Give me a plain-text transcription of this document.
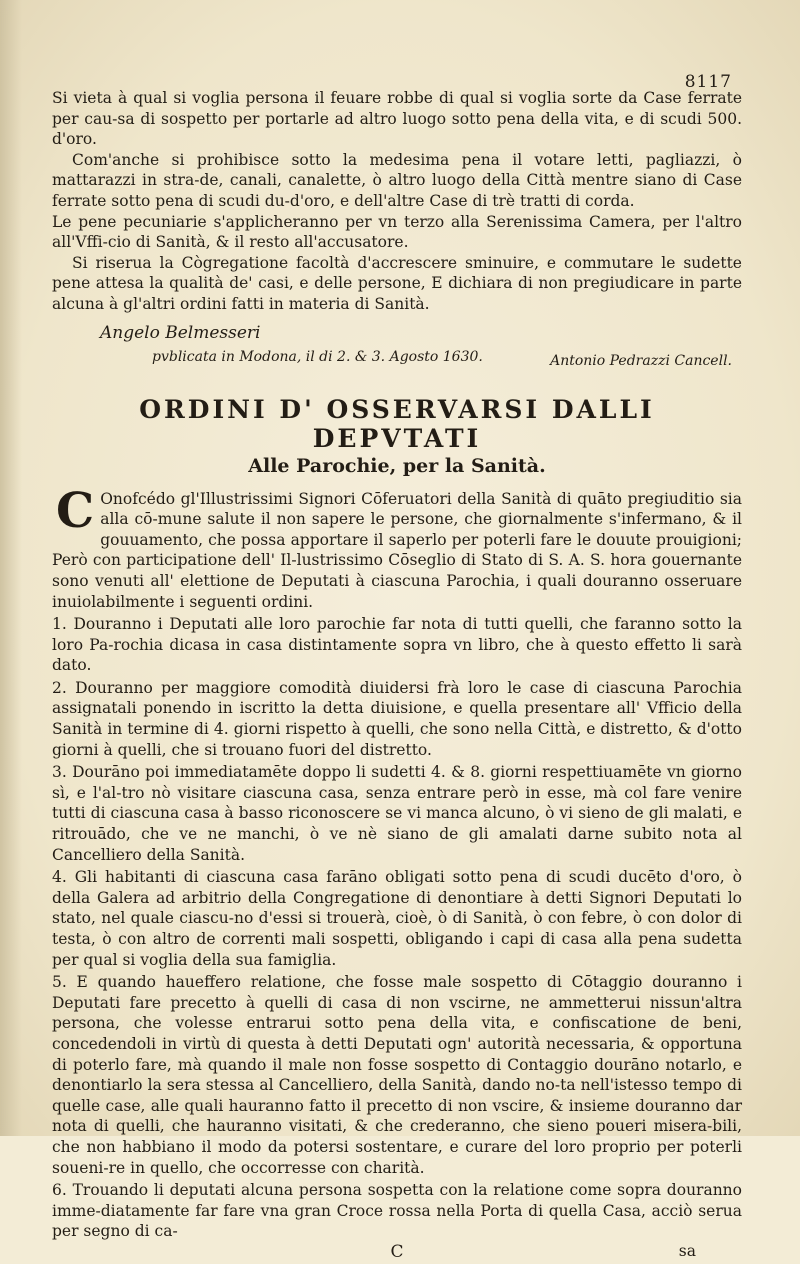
8117

Si vieta à qual si voglia persona il feuare robbe di qual si voglia sorte da Case ferrate per cau-sa di sospetto per portarle ad altro luogo sotto pena della vita, e di scudi 500. d'oro.

Com'anche si prohibisce sotto la medesima pena il votare letti, pagliazzi, ò mattarazzi in stra-de, canali, canalette, ò altro luogo della Città mentre siano di Case ferrate sotto pena di scudi du-d'oro, e dell'altre Case di trè tratti di corda.

Le pene pecuniarie s'applicheranno per vn terzo alla Serenissima Camera, per l'altro all'Vffi-cio di Sanità, & il resto all'accusatore.

Si riserua la Cògregatione facoltà d'accrescere sminuire, e commutare le sudette pene attesa la qualità de' casi, e delle persone, E dichiara di non pregiudicare in parte alcuna à gl'altri ordini fatti in materia di Sanità.

Angelo Belmesseri
pvblicata in Modona, il di 2. & 3. Agosto 1630.	Antonio Pedrazzi Cancell.
ORDINI D' OSSERVARSI DALLI DEPVTATI
Alle Parochie, per la Sanità.
C Onofcédo gl'Illustrissimi Signori Cōferuatori della Sanità di quāto pregiuditio sia alla cō-mune salute il non sapere le persone, che giornalmente s'infermano, & il gouuamento, che possa apportare il saperlo per poterli fare le douute prouigioni; Però con participatione dell' Il-lustrissimo Cōseglio di Stato di S. A. S. hora gouernante sono venuti all' elettione de Deputati à ciascuna Parochia, i quali douranno osseruare inuiolabilmente i seguenti ordini.

1. Douranno i Deputati alle loro parochie far nota di tutti quelli, che faranno sotto la loro Pa-rochia dicasa in casa distintamente sopra vn libro, che à questo effetto li sarà dato.

2. Douranno per maggiore comodità diuidersi frà loro le case di ciascuna Parochia assignatali ponendo in iscritto la detta diuisione, e quella presentare all' Vfficio della Sanità in termine di 4. giorni rispetto à quelli, che sono nella Città, e distretto, & d'otto giorni à quelli, che si trouano fuori del distretto.

3. Dourāno poi immediatamēte doppo li sudetti 4. & 8. giorni respettiuamēte vn giorno sì, e l'al-tro nò visitare ciascuna casa, senza entrare però in esse, mà col fare venire tutti di ciascuna casa à basso riconoscere se vi manca alcuno, ò vi sieno de gli malati, e ritrouādo, che ve ne manchi, ò ve nè siano de gli amalati darne subito nota al Cancelliero della Sanità.

4. Gli habitanti di ciascuna casa farāno obligati sotto pena di scudi ducēto d'oro, ò della Galera ad arbitrio della Congregatione di denontiare à detti Signori Deputati lo stato, nel quale ciascu-no d'essi si trouerà, cioè, ò di Sanità, ò con febre, ò con dolor di testa, ò con altro de correnti mali sospetti, obligando i capi di casa alla pena sudetta per qual si voglia della sua famiglia.

5. E quando haueffero relatione, che fosse male sospetto di Cōtaggio douranno i Deputati fare precetto à quelli di casa di non vscirne, ne ammetterui nissun'altra persona, che volesse entrarui sotto pena della vita, e confiscatione de beni, concedendoli in virtù di questa à detti Deputati ogn' autorità necessaria, & opportuna di poterlo fare, mà quando il male non fosse sospetto di Contaggio dourāno notarlo, e denontiarlo la sera stessa al Cancelliero, della Sanità, dando no-ta nell'istesso tempo di quelle case, alle quali hauranno fatto il precetto di non vscire, & insieme douranno dar nota di quelli, che hauranno visitati, & che crederanno, che sieno poueri misera-bili, che non habbiano il modo da potersi sostentare, e curare del loro proprio per poterli soueni-re in quello, che occorresse con charità.

6. Trouando li deputati alcuna persona sospetta con la relatione come sopra douranno imme-diatamente far fare vna gran Croce rossa nella Porta di quella Casa, acciò serua per segno di ca-

C	sa
